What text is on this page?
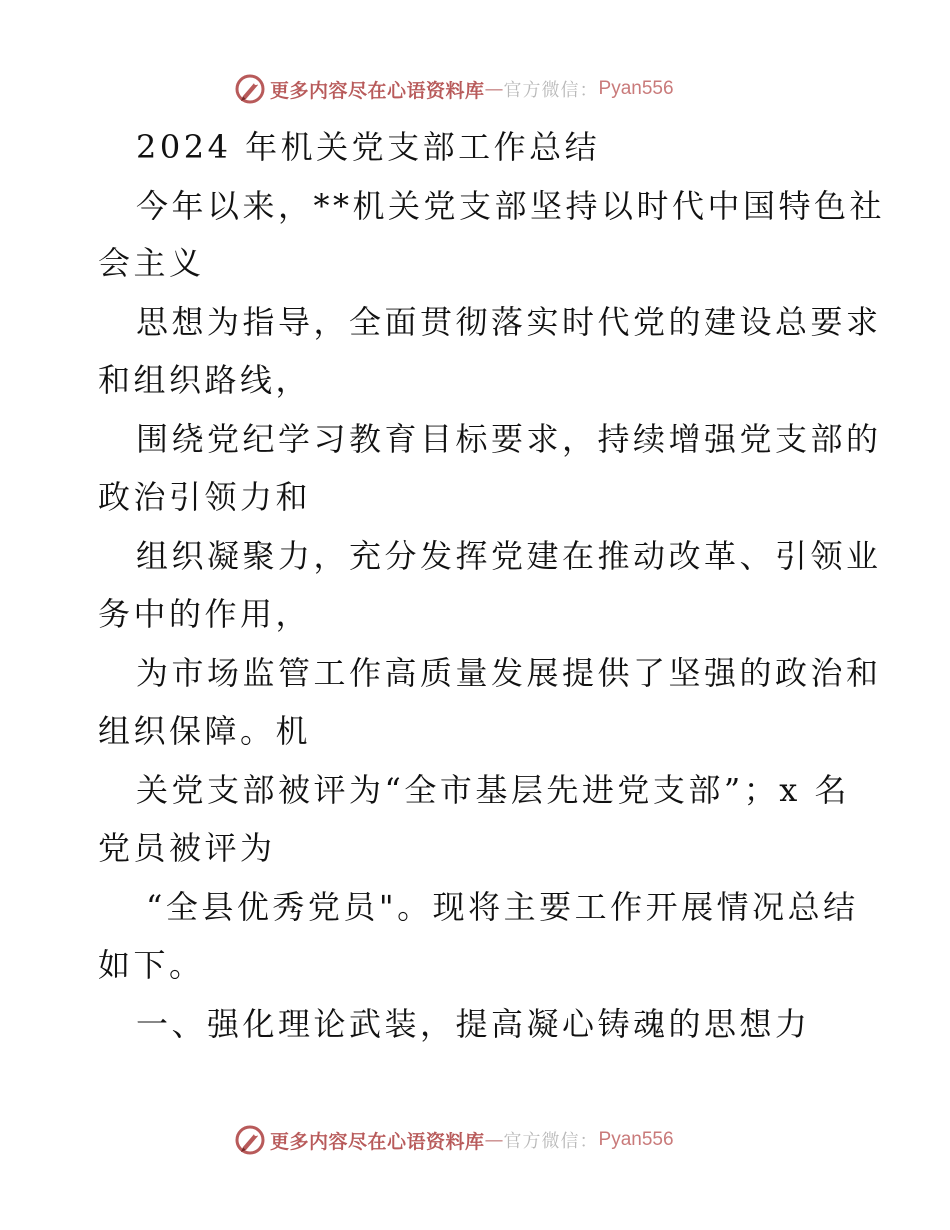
更多内容尽在心语资料库 — 官方微信： Pyan556
2024 年机关党支部工作总结
今年以来，**机关党支部坚持以时代中国特色社
会主义
思想为指导，全面贯彻落实时代党的建设总要求
和组织路线，
围绕党纪学习教育目标要求，持续增强党支部的
政治引领力和
组织凝聚力，充分发挥党建在推动改革、引领业
务中的作用，
为市场监管工作高质量发展提供了坚强的政治和
组织保障。机
关党支部被评为“全市基层先进党支部”；x 名
党员被评为
“全县优秀党员"。现将主要工作开展情况总结
如下。
一、强化理论武装，提高凝心铸魂的思想力
更多内容尽在心语资料库 — 官方微信： Pyan556
